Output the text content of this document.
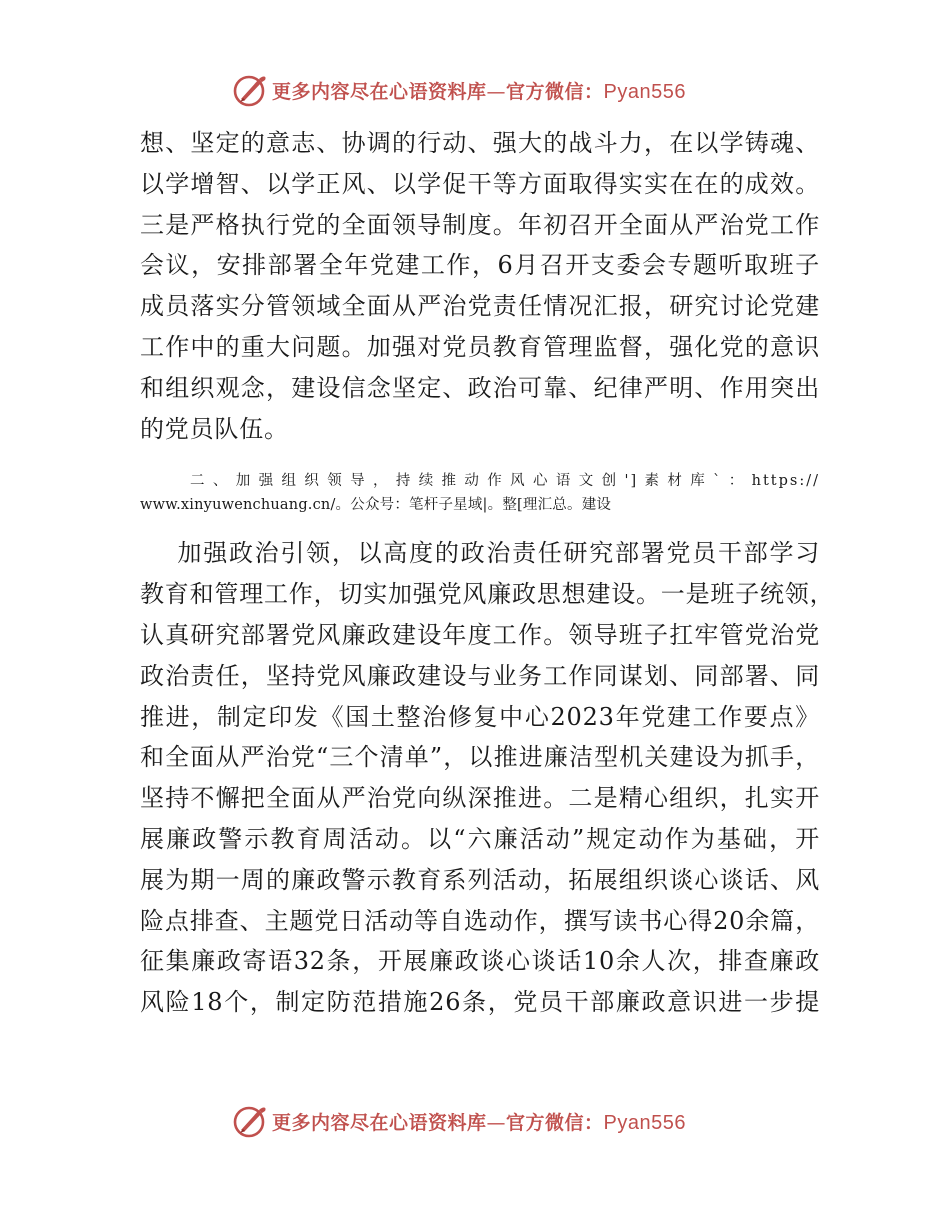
更多内容尽在心语资料库—官方微信：Pyan556
想、坚定的意志、协调的行动、强大的战斗力，在以学铸魂、
以学增智、以学正风、以学促干等方面取得实实在在的成效。
三是严格执行党的全面领导制度。年初召开全面从严治党工作
会议，安排部署全年党建工作，6月召开支委会专题听取班子
成员落实分管领域全面从严治党责任情况汇报，研究讨论党建
工作中的重大问题。加强对党员教育管理监督，强化党的意识
和组织观念，建设信念坚定、政治可靠、纪律严明、作用突出
的党员队伍。
二、加强组织领导，持续推动作风心语文创']素材库`：https://
www.xinyuwenchuang.cn/。公众号：笔杆子星域|。整[理汇总。建设
加强政治引领，以高度的政治责任研究部署党员干部学习
教育和管理工作，切实加强党风廉政思想建设。一是班子统领，
认真研究部署党风廉政建设年度工作。领导班子扛牢管党治党
政治责任，坚持党风廉政建设与业务工作同谋划、同部署、同
推进，制定印发《国土整治修复中心2023年党建工作要点》
和全面从严治党“三个清单”，以推进廉洁型机关建设为抓手，
坚持不懈把全面从严治党向纵深推进。二是精心组织，扎实开
展廉政警示教育周活动。以“六廉活动”规定动作为基础，开
展为期一周的廉政警示教育系列活动，拓展组织谈心谈话、风
险点排查、主题党日活动等自选动作，撰写读书心得20余篇，
征集廉政寄语32条，开展廉政谈心谈话10余人次，排查廉政
风险18个，制定防范措施26条，党员干部廉政意识进一步提
更多内容尽在心语资料库—官方微信：Pyan556
